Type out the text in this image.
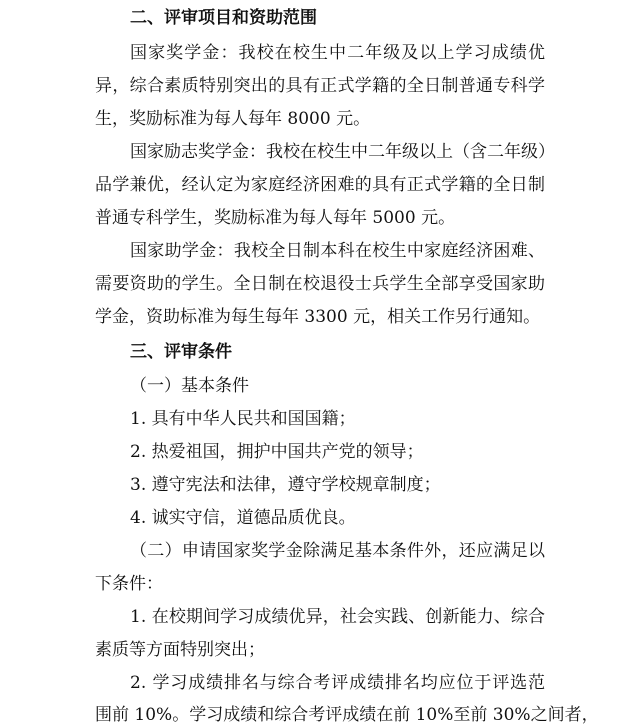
二、评审项目和资助范围
国家奖学金：我校在校生中二年级及以上学习成绩优
异，综合素质特别突出的具有正式学籍的全日制普通专科学
生，奖励标准为每人每年 8000 元。
国家励志奖学金：我校在校生中二年级以上（含二年级）
品学兼优，经认定为家庭经济困难的具有正式学籍的全日制
普通专科学生，奖励标准为每人每年 5000 元。
国家助学金：我校全日制本科在校生中家庭经济困难、
需要资助的学生。全日制在校退役士兵学生全部享受国家助
学金，资助标准为每生每年 3300 元，相关工作另行通知。
三、评审条件
（一）基本条件
1. 具有中华人民共和国国籍；
2. 热爱祖国，拥护中国共产党的领导；
3. 遵守宪法和法律，遵守学校规章制度；
4. 诚实守信，道德品质优良。
（二）申请国家奖学金除满足基本条件外，还应满足以
下条件：
1. 在校期间学习成绩优异，社会实践、创新能力、综合
素质等方面特别突出；
2. 学习成绩排名与综合考评成绩排名均应位于评选范
围前 10%。学习成绩和综合考评成绩在前 10%至前 30%之间者，
